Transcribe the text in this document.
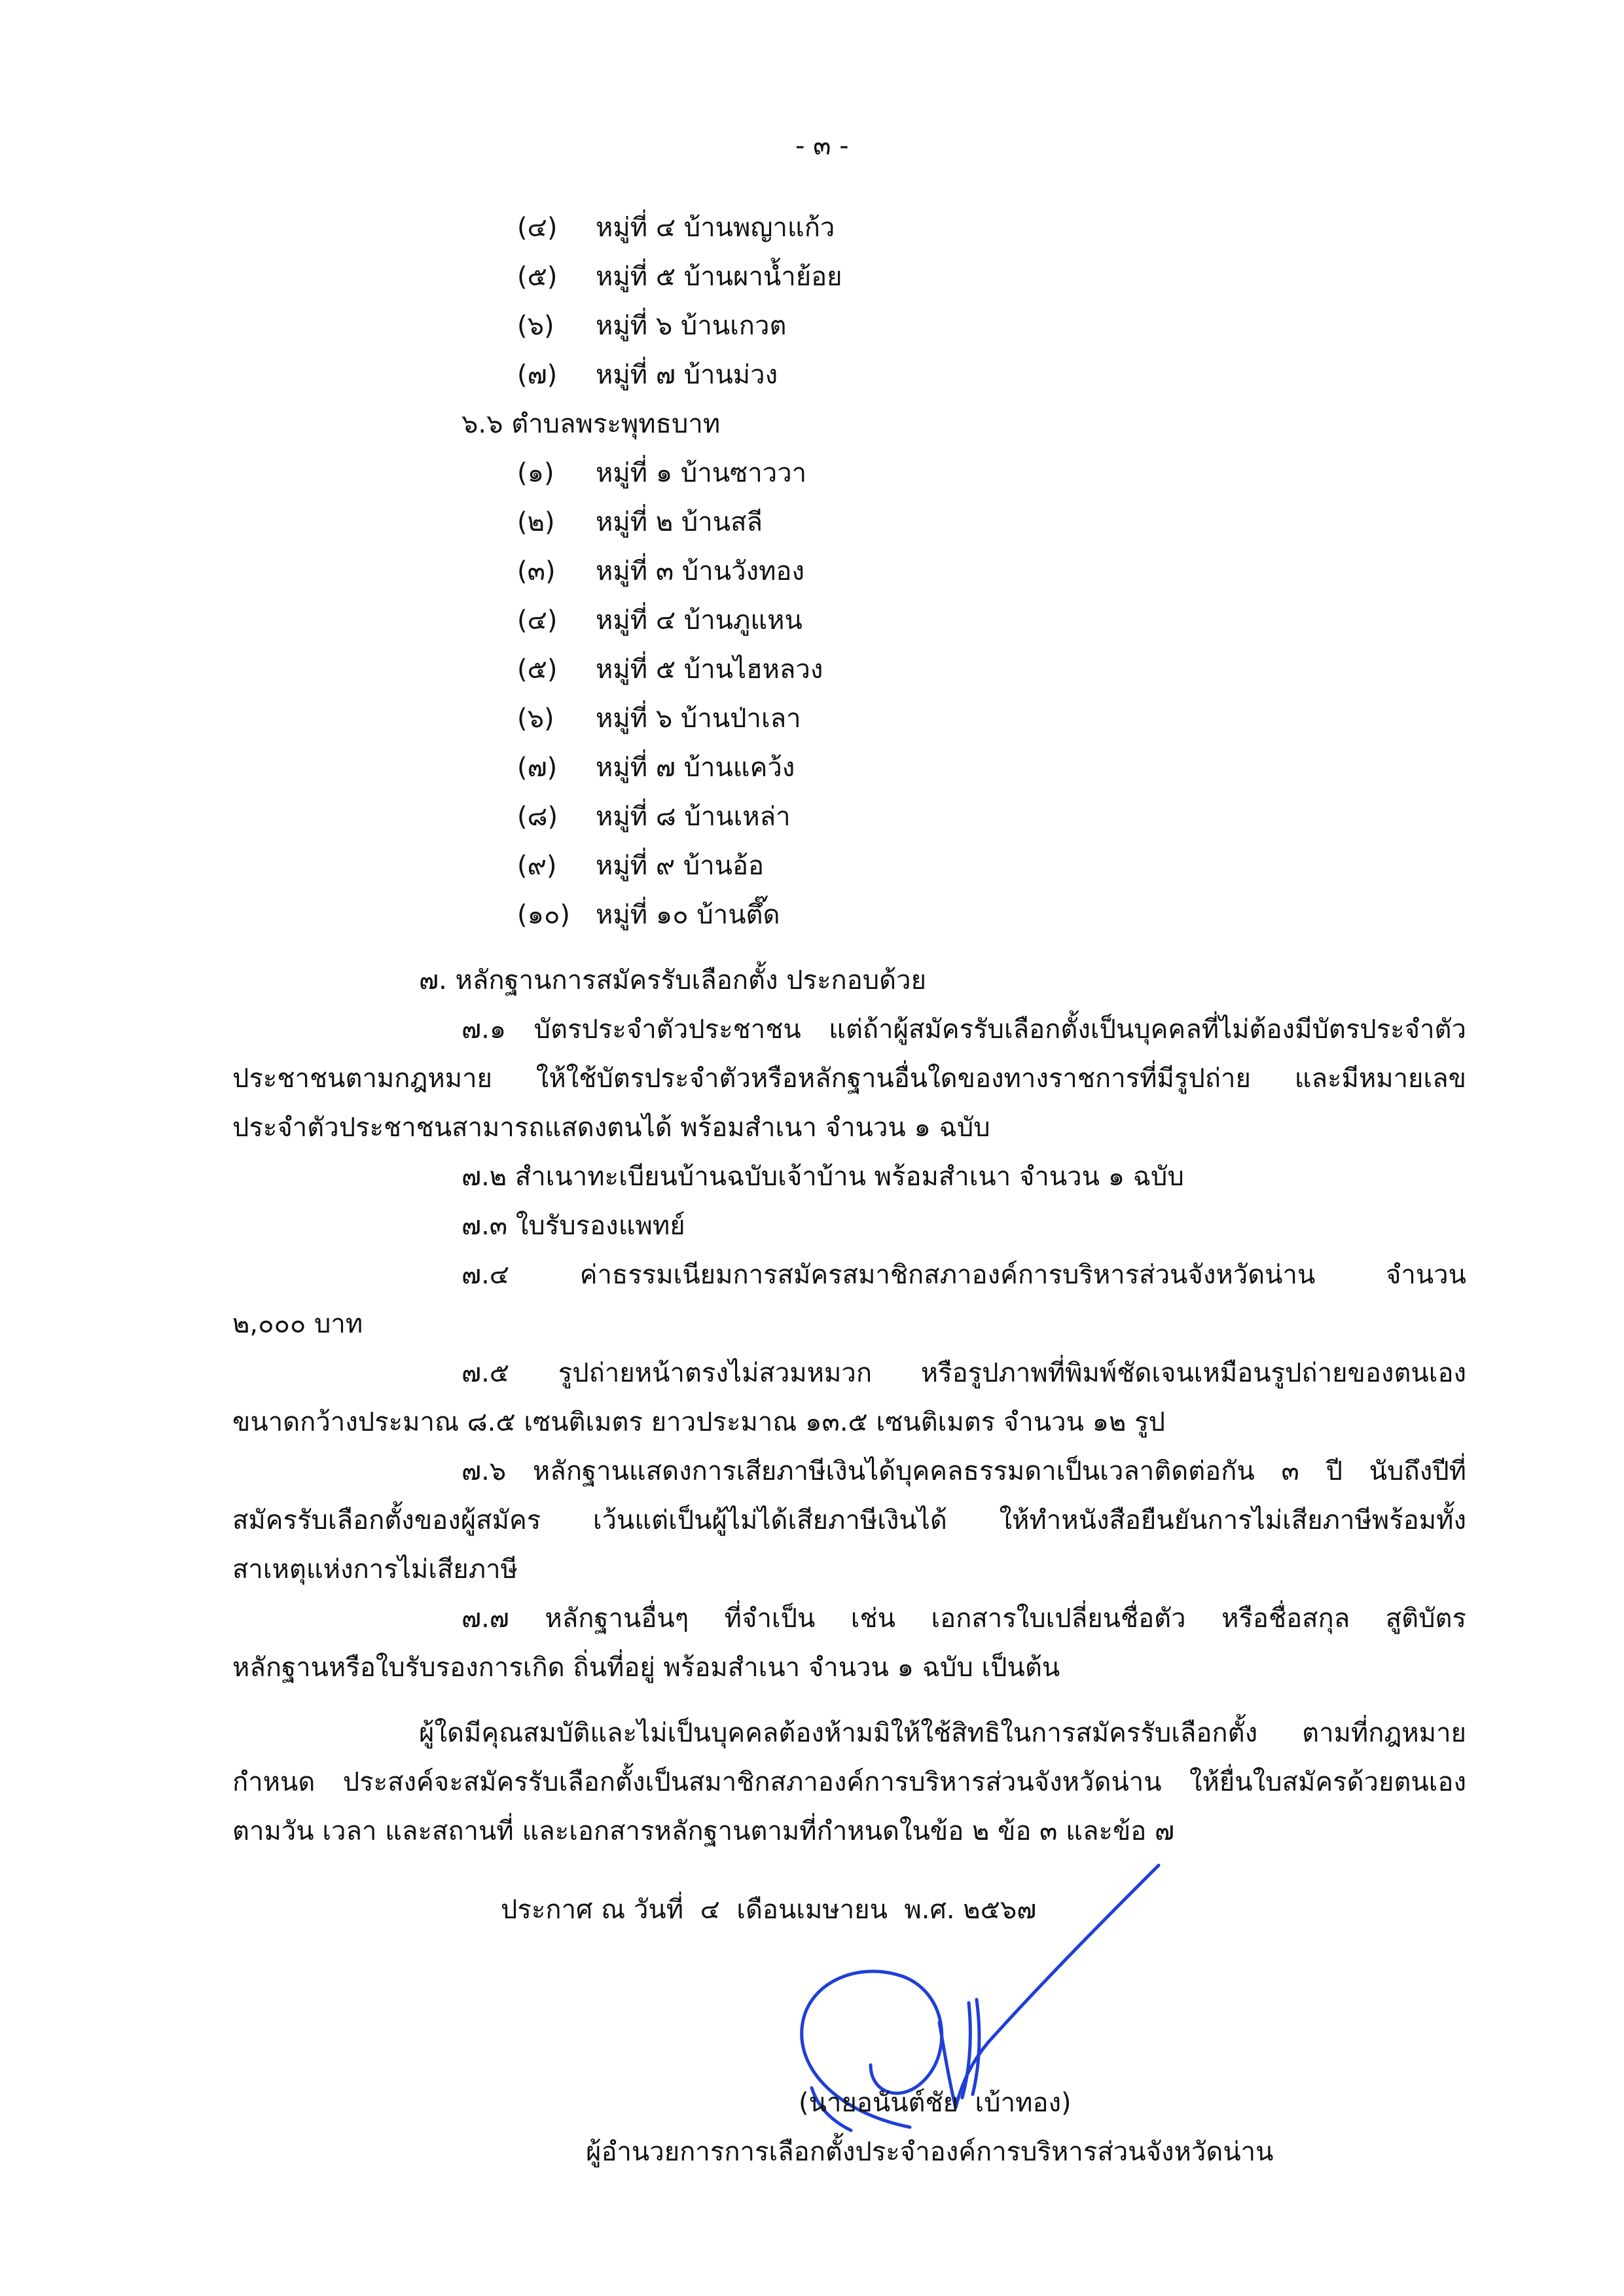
- ๓ -
(๔) หมู่ที่ ๔ บ้านพญาแก้ว
(๕) หมู่ที่ ๕ บ้านผาน้ำย้อย
(๖) หมู่ที่ ๖ บ้านเกวต
(๗) หมู่ที่ ๗ บ้านม่วง
๖.๖ ตำบลพระพุทธบาท
(๑) หมู่ที่ ๑ บ้านซาววา
(๒) หมู่ที่ ๒ บ้านสลี
(๓) หมู่ที่ ๓ บ้านวังทอง
(๔) หมู่ที่ ๔ บ้านภูแหน
(๕) หมู่ที่ ๕ บ้านไฮหลวง
(๖) หมู่ที่ ๖ บ้านป่าเลา
(๗) หมู่ที่ ๗ บ้านแคว้ง
(๘) หมู่ที่ ๘ บ้านเหล่า
(๙) หมู่ที่ ๙ บ้านอ้อ
(๑๐) หมู่ที่ ๑๐ บ้านตึ๊ด
๗. หลักฐานการสมัครรับเลือกตั้ง ประกอบด้วย
๗.๑ บัตรประจำตัวประชาชน แต่ถ้าผู้สมัครรับเลือกตั้งเป็นบุคคลที่ไม่ต้องมีบัตรประจำตัว
ประชาชนตามกฎหมาย ให้ใช้บัตรประจำตัวหรือหลักฐานอื่นใดของทางราชการที่มีรูปถ่าย และมีหมายเลข
ประจำตัวประชาชนสามารถแสดงตนได้ พร้อมสำเนา จำนวน ๑ ฉบับ
๗.๒ สำเนาทะเบียนบ้านฉบับเจ้าบ้าน พร้อมสำเนา จำนวน ๑ ฉบับ
๗.๓ ใบรับรองแพทย์
๗.๔ ค่าธรรมเนียมการสมัครสมาชิกสภาองค์การบริหารส่วนจังหวัดน่าน จำนวน
๒,๐๐๐ บาท
๗.๕ รูปถ่ายหน้าตรงไม่สวมหมวก หรือรูปภาพที่พิมพ์ชัดเจนเหมือนรูปถ่ายของตนเอง
ขนาดกว้างประมาณ ๘.๕ เซนติเมตร ยาวประมาณ ๑๓.๕ เซนติเมตร จำนวน ๑๒ รูป
๗.๖ หลักฐานแสดงการเสียภาษีเงินได้บุคคลธรรมดาเป็นเวลาติดต่อกัน ๓ ปี นับถึงปีที่
สมัครรับเลือกตั้งของผู้สมัคร เว้นแต่เป็นผู้ไม่ได้เสียภาษีเงินได้ ให้ทำหนังสือยืนยันการไม่เสียภาษีพร้อมทั้ง
สาเหตุแห่งการไม่เสียภาษี
๗.๗ หลักฐานอื่นๆ ที่จำเป็น เช่น เอกสารใบเปลี่ยนชื่อตัว หรือชื่อสกุล สูติบัตร
หลักฐานหรือใบรับรองการเกิด ถิ่นที่อยู่ พร้อมสำเนา จำนวน ๑ ฉบับ เป็นต้น
ผู้ใดมีคุณสมบัติและไม่เป็นบุคคลต้องห้ามมิให้ใช้สิทธิในการสมัครรับเลือกตั้ง ตามที่กฎหมาย
กำหนด ประสงค์จะสมัครรับเลือกตั้งเป็นสมาชิกสภาองค์การบริหารส่วนจังหวัดน่าน ให้ยื่นใบสมัครด้วยตนเอง
ตามวัน เวลา และสถานที่ และเอกสารหลักฐานตามที่กำหนดในข้อ ๒ ข้อ ๓ และข้อ ๗
ประกาศ ณ วันที่  ๔  เดือนเมษายน  พ.ศ. ๒๕๖๗
(นายอนันต์ชัย  เบ้าทอง)
ผู้อำนวยการการเลือกตั้งประจำองค์การบริหารส่วนจังหวัดน่าน
